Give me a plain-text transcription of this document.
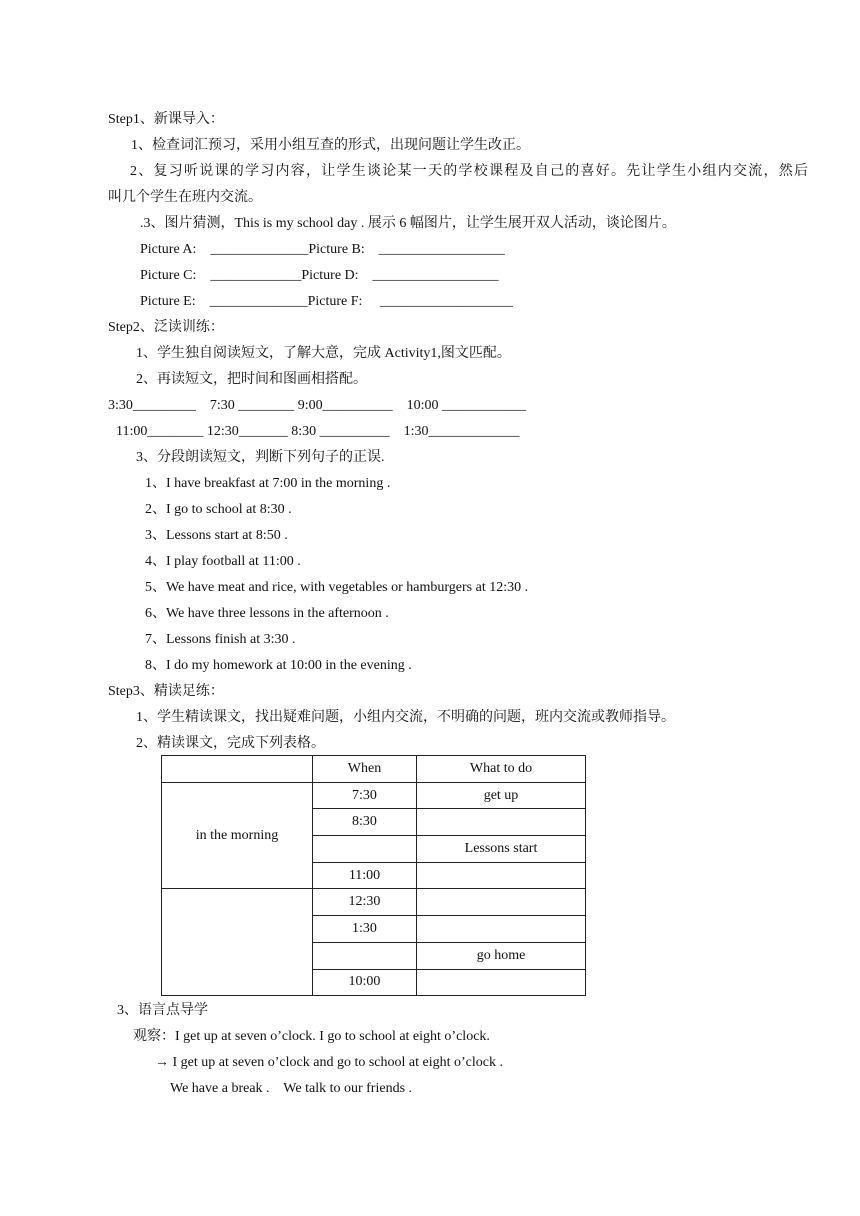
Step1、新课导入：
1、检查词汇预习，采用小组互查的形式，出现问题让学生改正。
2、复习听说课的学习内容，让学生谈论某一天的学校课程及自己的喜好。先让学生小组内交流，然后
叫几个学生在班内交流。
.3、图片猜测，This is my school day . 展示 6 幅图片，让学生展开双人活动，谈论图片。
Picture A:    ______________Picture B:    __________________
Picture C:    _____________Picture D:    __________________
Picture E:    ______________Picture F:     ___________________
Step2、泛读训练：
1、学生独自阅读短文，了解大意，完成 Activity1,图文匹配。
2、再读短文，把时间和图画相搭配。
3:30_________    7:30 ________ 9:00__________    10:00 ____________
11:00________ 12:30_______ 8:30 __________    1:30_____________
3、分段朗读短文，判断下列句子的正误.
1、I have breakfast at 7:00 in the morning .
2、I go to school at 8:30 .
3、Lessons start at 8:50 .
4、I play football at 11:00 .
5、We have meat and rice, with vegetables or hamburgers at 12:30 .
6、We have three lessons in the afternoon .
7、Lessons finish at 3:30 .
8、I do my homework at 10:00 in the evening .
Step3、精读足练：
1、学生精读课文，找出疑难问题，小组内交流，不明确的问题，班内交流或教师指导。
2、精读课文，完成下列表格。
	When	What to do
in the morning	7:30	get up
	8:30	
		Lessons start
	11:00	
	12:30	
	1:30	
		go home
	10:00	
3、语言点导学
观察：I get up at seven o’clock. I go to school at eight o’clock.
→ I get up at seven o’clock and go to school at eight o’clock .
We have a break .    We talk to our friends .
